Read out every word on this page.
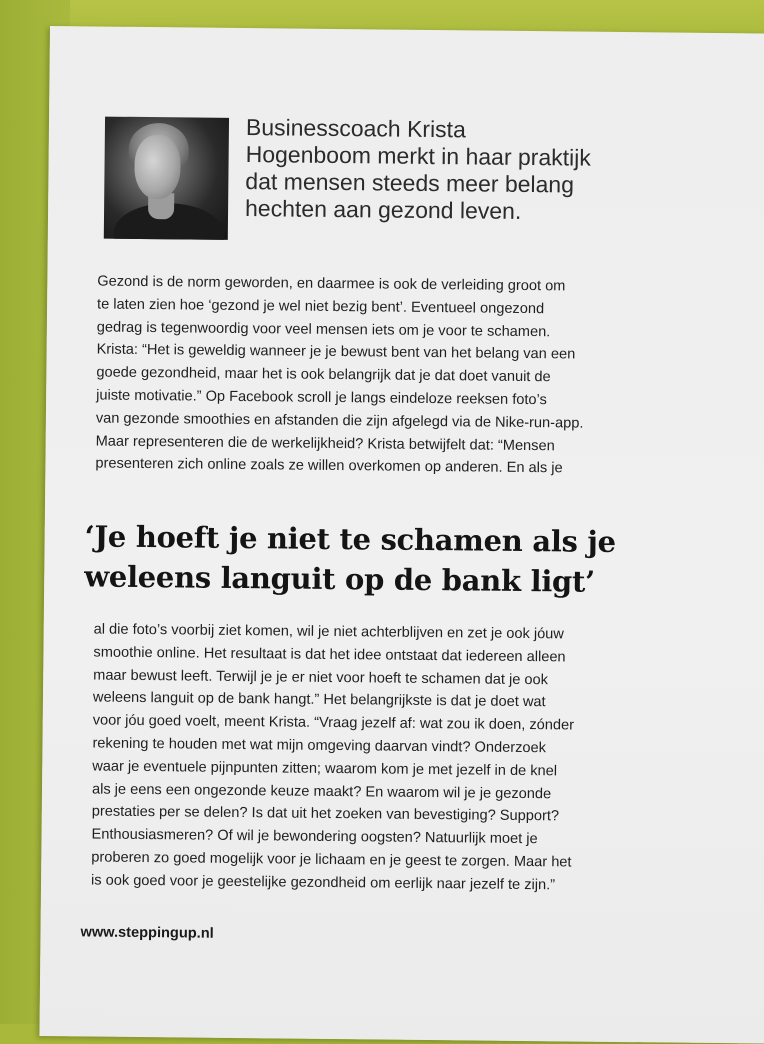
Businesscoach Krista
Hogenboom merkt in haar praktijk
dat mensen steeds meer belang
hechten aan gezond leven.

Gezond is de norm geworden, en daarmee is ook de verleiding groot om
te laten zien hoe ‘gezond je wel niet bezig bent’. Eventueel ongezond
gedrag is tegenwoordig voor veel mensen iets om je voor te schamen.
Krista: “Het is geweldig wanneer je je bewust bent van het belang van een
goede gezondheid, maar het is ook belangrijk dat je dat doet vanuit de
juiste motivatie.” Op Facebook scroll je langs eindeloze reeksen foto’s
van gezonde smoothies en afstanden die zijn afgelegd via de Nike-run-app.
Maar representeren die de werkelijkheid? Krista betwijfelt dat: “Mensen
presenteren zich online zoals ze willen overkomen op anderen. En als je

‘Je hoeft je niet te schamen als je
weleens languit op de bank ligt’

al die foto’s voorbij ziet komen, wil je niet achterblijven en zet je ook jóuw
smoothie online. Het resultaat is dat het idee ontstaat dat iedereen alleen
maar bewust leeft. Terwijl je je er niet voor hoeft te schamen dat je ook
weleens languit op de bank hangt.” Het belangrijkste is dat je doet wat
voor jóu goed voelt, meent Krista. “Vraag jezelf af: wat zou ik doen, zónder
rekening te houden met wat mijn omgeving daarvan vindt? Onderzoek
waar je eventuele pijnpunten zitten; waarom kom je met jezelf in de knel
als je eens een ongezonde keuze maakt? En waarom wil je je gezonde
prestaties per se delen? Is dat uit het zoeken van bevestiging? Support?
Enthousiasmeren? Of wil je bewondering oogsten? Natuurlijk moet je
proberen zo goed mogelijk voor je lichaam en je geest te zorgen. Maar het
is ook goed voor je geestelijke gezondheid om eerlijk naar jezelf te zijn.”

www.steppingup.nl
